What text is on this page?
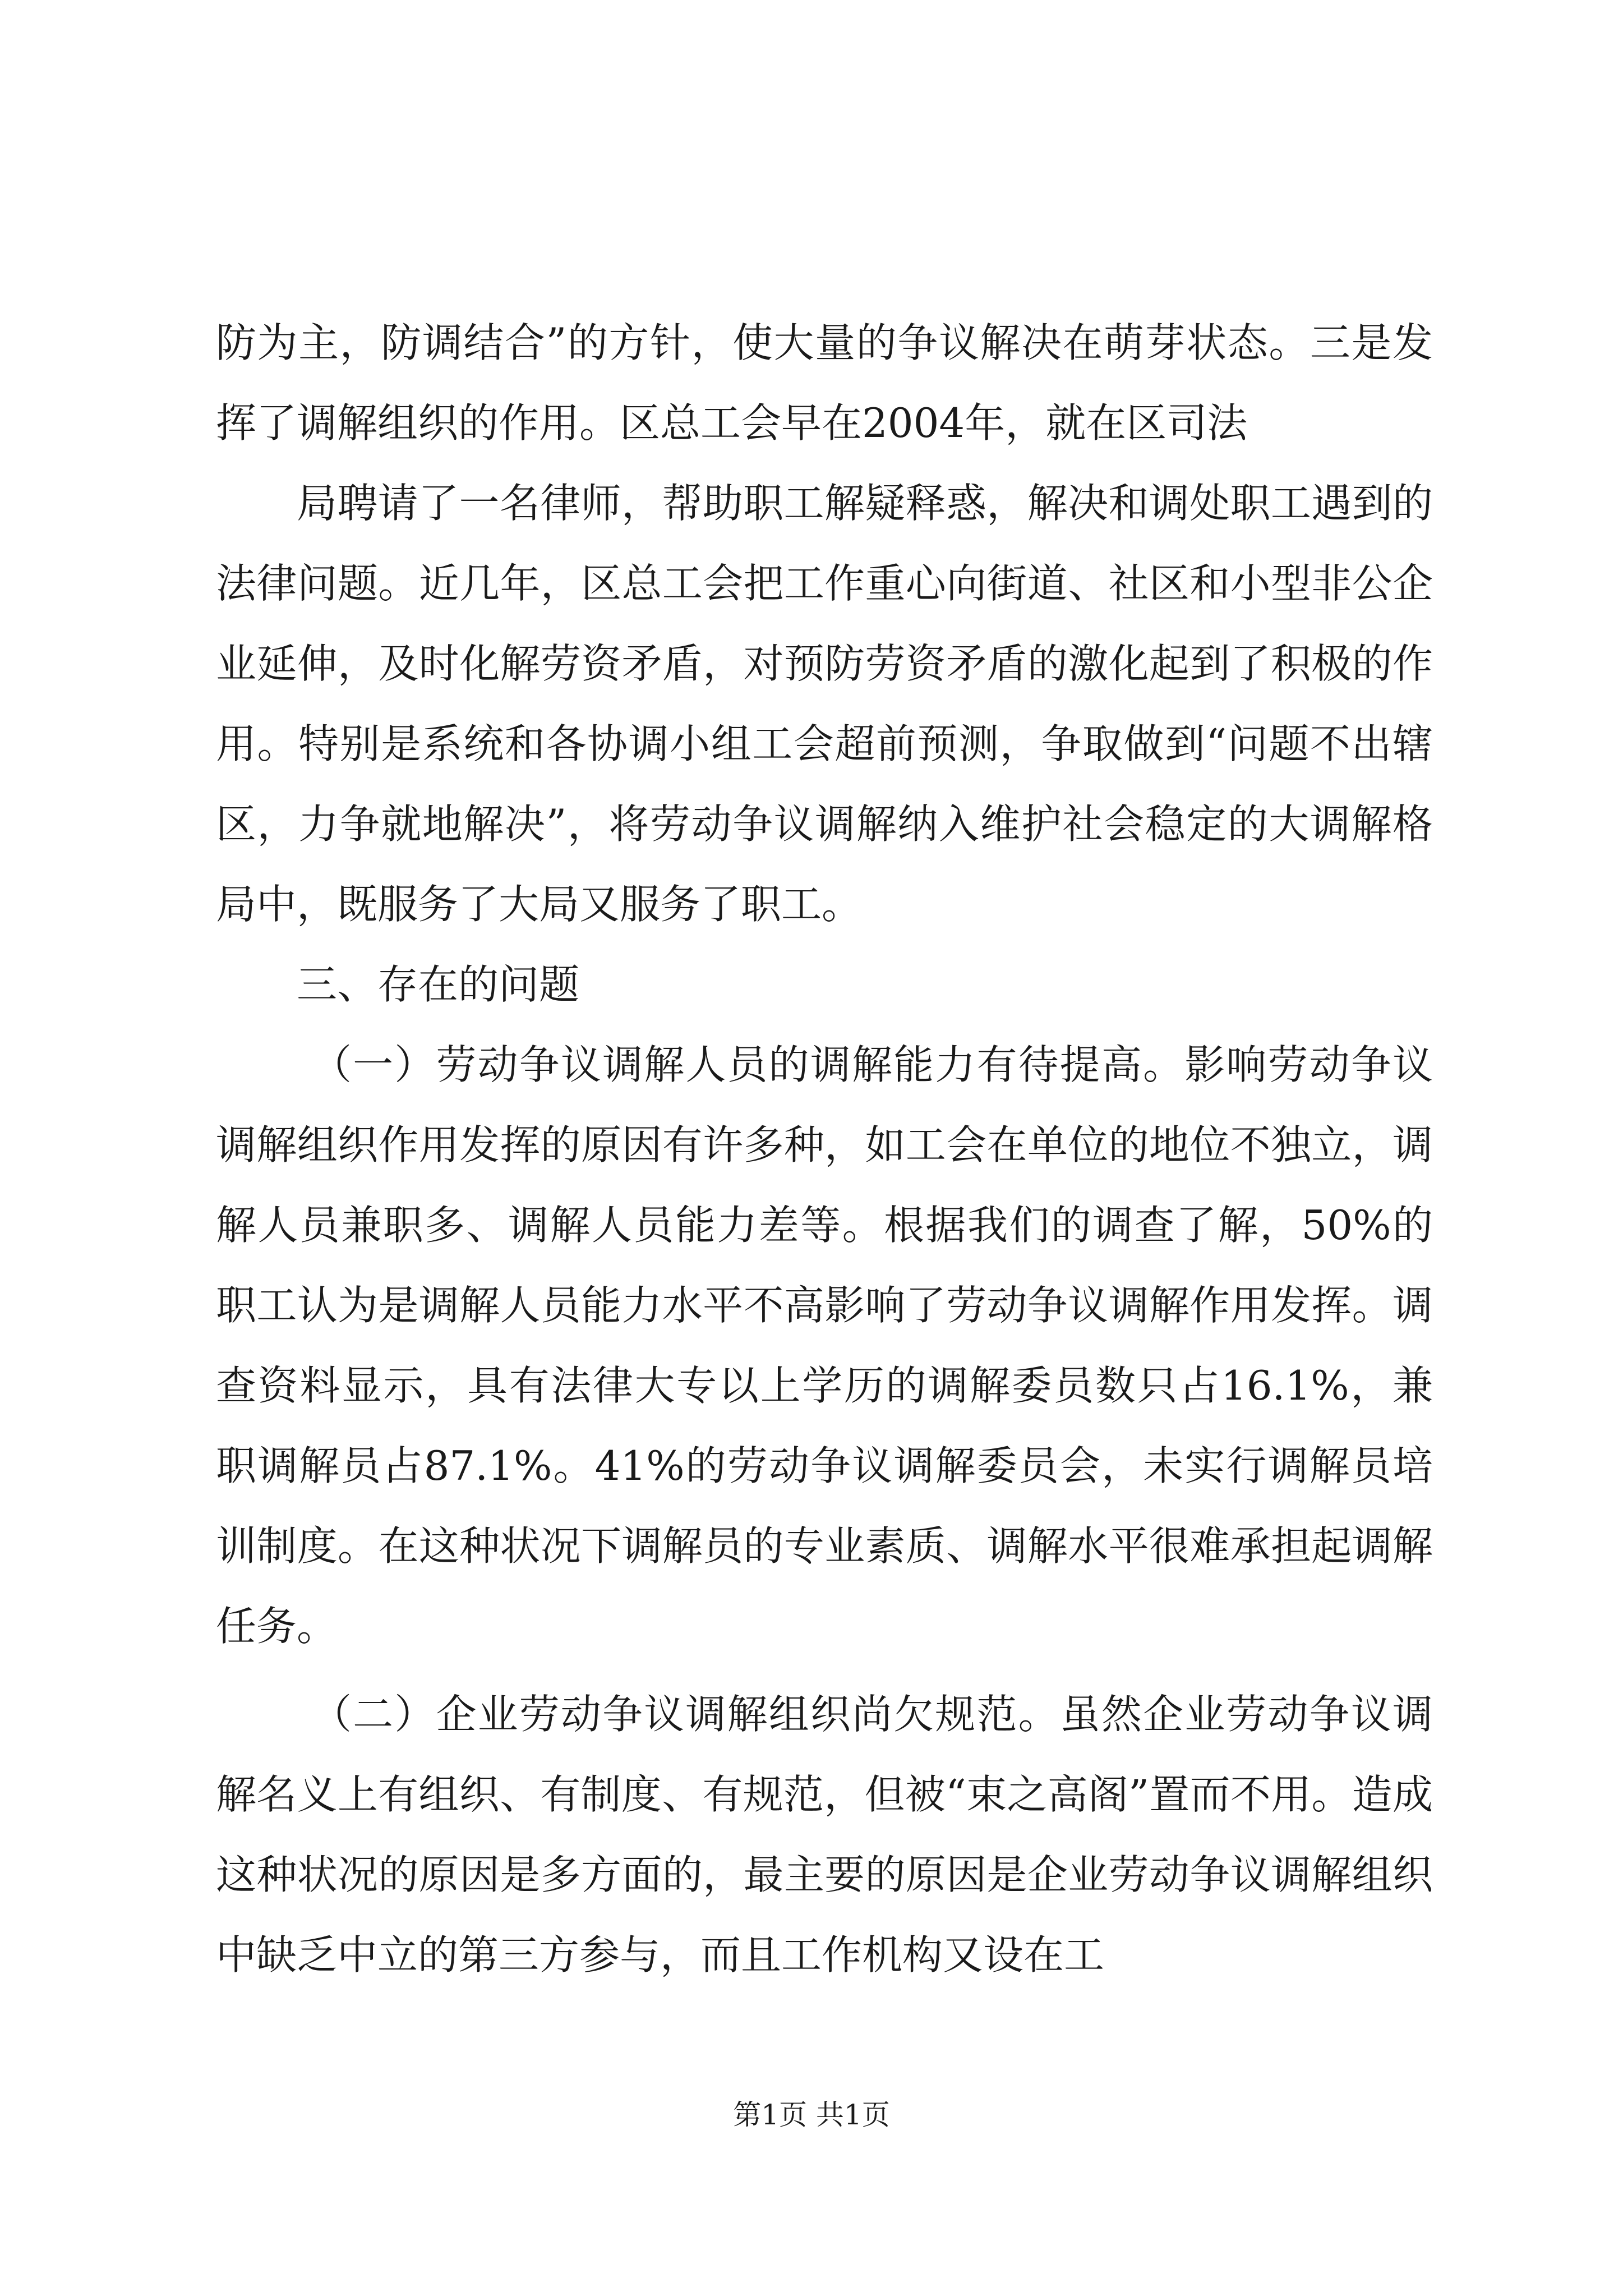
防为主，防调结合”的方针，使大量的争议解决在萌芽状态。三是发挥了调解组织的作用。区总工会早在2004年，就在区司法

局聘请了一名律师，帮助职工解疑释惑，解决和调处职工遇到的法律问题。近几年，区总工会把工作重心向街道、社区和小型非公企业延伸，及时化解劳资矛盾，对预防劳资矛盾的激化起到了积极的作用。特别是系统和各协调小组工会超前预测，争取做到“问题不出辖区，力争就地解决”，将劳动争议调解纳入维护社会稳定的大调解格局中，既服务了大局又服务了职工。

三、存在的问题

（一）劳动争议调解人员的调解能力有待提高。影响劳动争议调解组织作用发挥的原因有许多种，如工会在单位的地位不独立，调解人员兼职多、调解人员能力差等。根据我们的调查了解，50%的职工认为是调解人员能力水平不高影响了劳动争议调解作用发挥。调查资料显示，具有法律大专以上学历的调解委员数只占16.1%，兼职调解员占87.1%。41%的劳动争议调解委员会，未实行调解员培训制度。在这种状况下调解员的专业素质、调解水平很难承担起调解任务。

（二）企业劳动争议调解组织尚欠规范。虽然企业劳动争议调解名义上有组织、有制度、有规范，但被“束之高阁”置而不用。造成这种状况的原因是多方面的，最主要的原因是企业劳动争议调解组织中缺乏中立的第三方参与，而且工作机构又设在工

第1页 共1页
